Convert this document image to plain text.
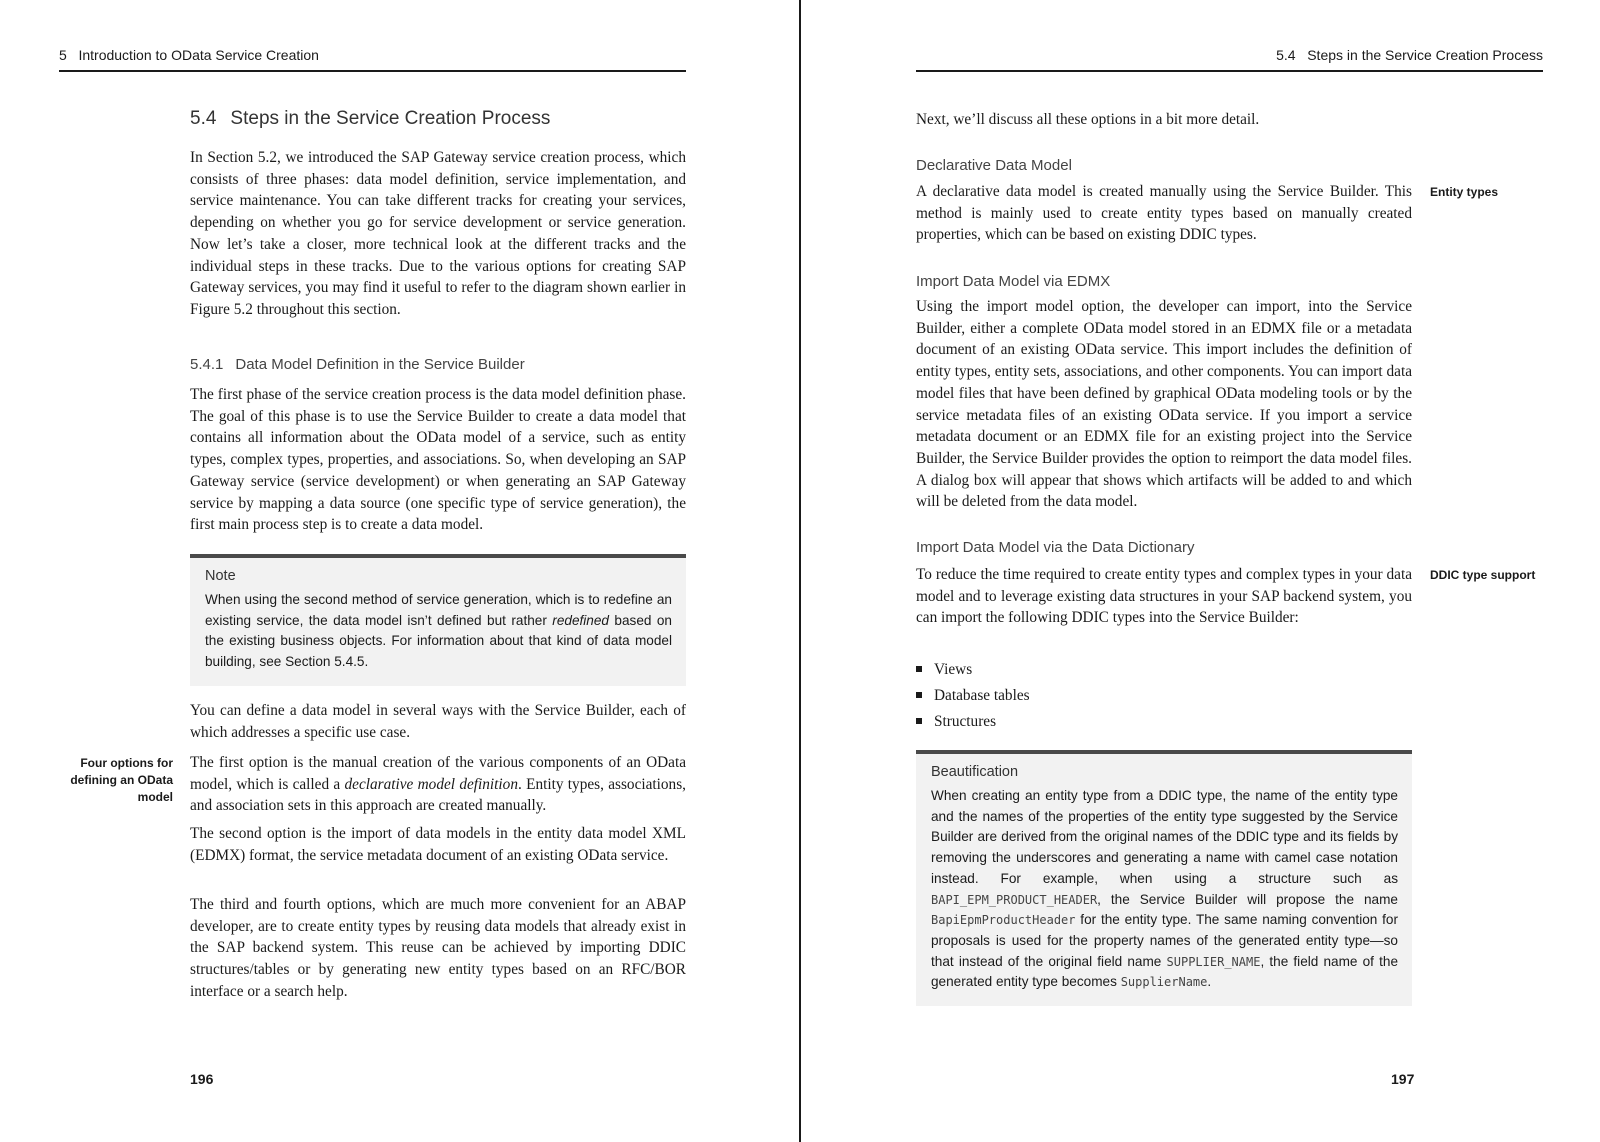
5 Introduction to OData Service Creation
5.4 Steps in the Service Creation Process

In Section 5.2, we introduced the SAP Gateway service creation process, which consists of three phases: data model definition, service implementation, and service maintenance. You can take different tracks for creating your services, depending on whether you go for service development or service generation. Now let’s take a closer, more technical look at the different tracks and the individual steps in these tracks. Due to the various options for creating SAP Gateway services, you may find it useful to refer to the diagram shown earlier in Figure 5.2 throughout this section.

5.4.1 Data Model Definition in the Service Builder

The first phase of the service creation process is the data model definition phase. The goal of this phase is to use the Service Builder to create a data model that contains all information about the OData model of a service, such as entity types, complex types, properties, and associations. So, when developing an SAP Gateway service (service development) or when generating an SAP Gateway service by mapping a data source (one specific type of service generation), the first main process step is to create a data model.

Note
When using the second method of service generation, which is to redefine an existing service, the data model isn’t defined but rather redefined based on the existing business objects. For information about that kind of data model building, see Section 5.4.5.

You can define a data model in several ways with the Service Builder, each of which addresses a specific use case.

Four options for defining an OData model

The first option is the manual creation of the various components of an OData model, which is called a declarative model definition. Entity types, associations, and association sets in this approach are created manually.

The second option is the import of data models in the entity data model XML (EDMX) format, the service metadata document of an existing OData service.

The third and fourth options, which are much more convenient for an ABAP developer, are to create entity types by reusing data models that already exist in the SAP backend system. This reuse can be achieved by importing DDIC structures/tables or by generating new entity types based on an RFC/BOR interface or a search help.

196
5.4 Steps in the Service Creation Process

Next, we’ll discuss all these options in a bit more detail.

Declarative Data Model

A declarative data model is created manually using the Service Builder. This method is mainly used to create entity types based on manually created properties, which can be based on existing DDIC types.

Entity types
Import Data Model via EDMX

Using the import model option, the developer can import, into the Service Builder, either a complete OData model stored in an EDMX file or a metadata document of an existing OData service. This import includes the definition of entity types, entity sets, associations, and other components. You can import data model files that have been defined by graphical OData modeling tools or by the service metadata files of an existing OData service. If you import a service metadata document or an EDMX file for an existing project into the Service Builder, the Service Builder provides the option to reimport the data model files. A dialog box will appear that shows which artifacts will be added to and which will be deleted from the data model.

Import Data Model via the Data Dictionary

To reduce the time required to create entity types and complex types in your data model and to leverage existing data structures in your SAP backend system, you can import the following DDIC types into the Service Builder:

DDIC type support
Views
Database tables
Structures
Beautification
When creating an entity type from a DDIC type, the name of the entity type and the names of the properties of the entity type suggested by the Service Builder are derived from the original names of the DDIC type and its fields by removing the underscores and generating a name with camel case notation instead. For example, when using a structure such as BAPI_EPM_PRODUCT_HEADER, the Service Builder will propose the name BapiEpmProductHeader for the entity type. The same naming convention for proposals is used for the property names of the generated entity type—so that instead of the original field name SUPPLIER_NAME, the field name of the generated entity type becomes SupplierName.
197
